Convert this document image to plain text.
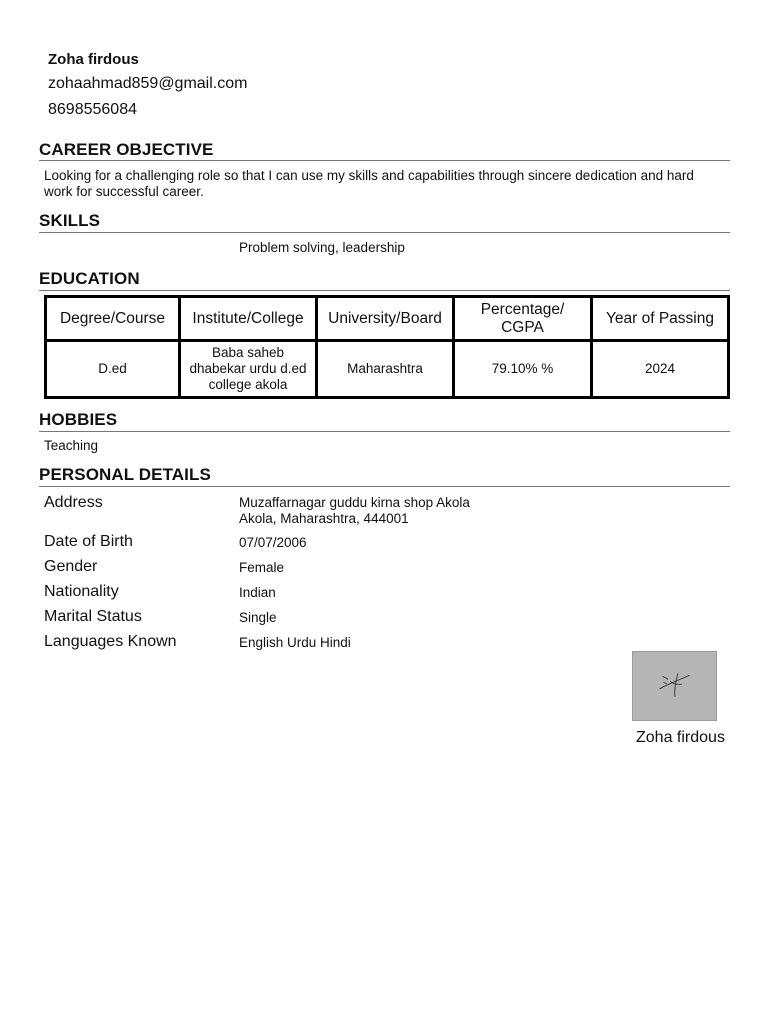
Zoha firdous
zohaahmad859@gmail.com
8698556084
CAREER OBJECTIVE
Looking for a challenging role so that I can use my skills and capabilities through sincere dedication and hard work for successful career.
SKILLS
Problem solving, leadership
EDUCATION
Degree/Course	Institute/College	University/Board	Percentage/ CGPA	Year of Passing
D.ed	Baba saheb dhabekar urdu d.ed college akola	Maharashtra	79.10% %	2024
HOBBIES
Teaching
PERSONAL DETAILS
Address	Muzaffarnagar guddu kirna shop Akola
Akola, Maharashtra, 444001
Date of Birth	07/07/2006
Gender	Female
Nationality	Indian
Marital Status	Single
Languages Known	English Urdu Hindi
Zoha firdous
